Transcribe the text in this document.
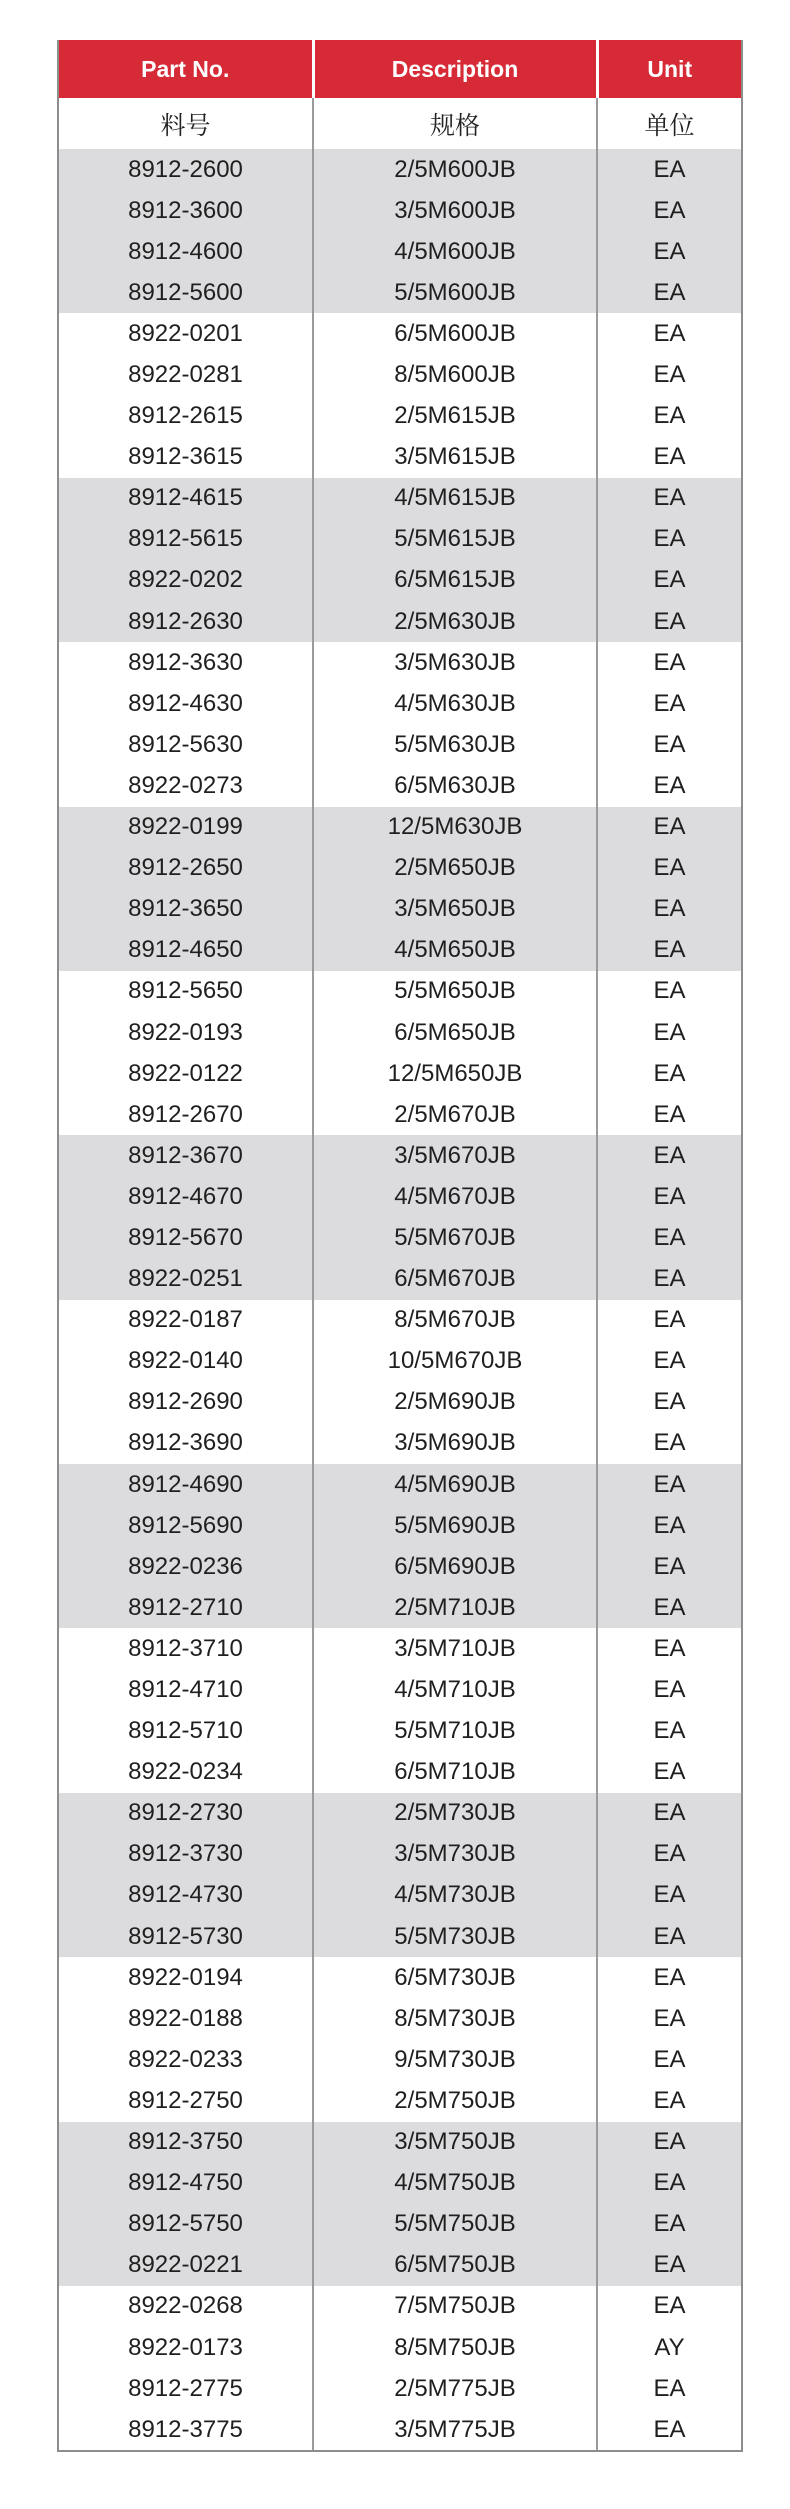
Part No.	Description	Unit
料号	规格	单位
8912-2600	2/5M600JB	EA
8912-3600	3/5M600JB	EA
8912-4600	4/5M600JB	EA
8912-5600	5/5M600JB	EA
8922-0201	6/5M600JB	EA
8922-0281	8/5M600JB	EA
8912-2615	2/5M615JB	EA
8912-3615	3/5M615JB	EA
8912-4615	4/5M615JB	EA
8912-5615	5/5M615JB	EA
8922-0202	6/5M615JB	EA
8912-2630	2/5M630JB	EA
8912-3630	3/5M630JB	EA
8912-4630	4/5M630JB	EA
8912-5630	5/5M630JB	EA
8922-0273	6/5M630JB	EA
8922-0199	12/5M630JB	EA
8912-2650	2/5M650JB	EA
8912-3650	3/5M650JB	EA
8912-4650	4/5M650JB	EA
8912-5650	5/5M650JB	EA
8922-0193	6/5M650JB	EA
8922-0122	12/5M650JB	EA
8912-2670	2/5M670JB	EA
8912-3670	3/5M670JB	EA
8912-4670	4/5M670JB	EA
8912-5670	5/5M670JB	EA
8922-0251	6/5M670JB	EA
8922-0187	8/5M670JB	EA
8922-0140	10/5M670JB	EA
8912-2690	2/5M690JB	EA
8912-3690	3/5M690JB	EA
8912-4690	4/5M690JB	EA
8912-5690	5/5M690JB	EA
8922-0236	6/5M690JB	EA
8912-2710	2/5M710JB	EA
8912-3710	3/5M710JB	EA
8912-4710	4/5M710JB	EA
8912-5710	5/5M710JB	EA
8922-0234	6/5M710JB	EA
8912-2730	2/5M730JB	EA
8912-3730	3/5M730JB	EA
8912-4730	4/5M730JB	EA
8912-5730	5/5M730JB	EA
8922-0194	6/5M730JB	EA
8922-0188	8/5M730JB	EA
8922-0233	9/5M730JB	EA
8912-2750	2/5M750JB	EA
8912-3750	3/5M750JB	EA
8912-4750	4/5M750JB	EA
8912-5750	5/5M750JB	EA
8922-0221	6/5M750JB	EA
8922-0268	7/5M750JB	EA
8922-0173	8/5M750JB	AY
8912-2775	2/5M775JB	EA
8912-3775	3/5M775JB	EA
